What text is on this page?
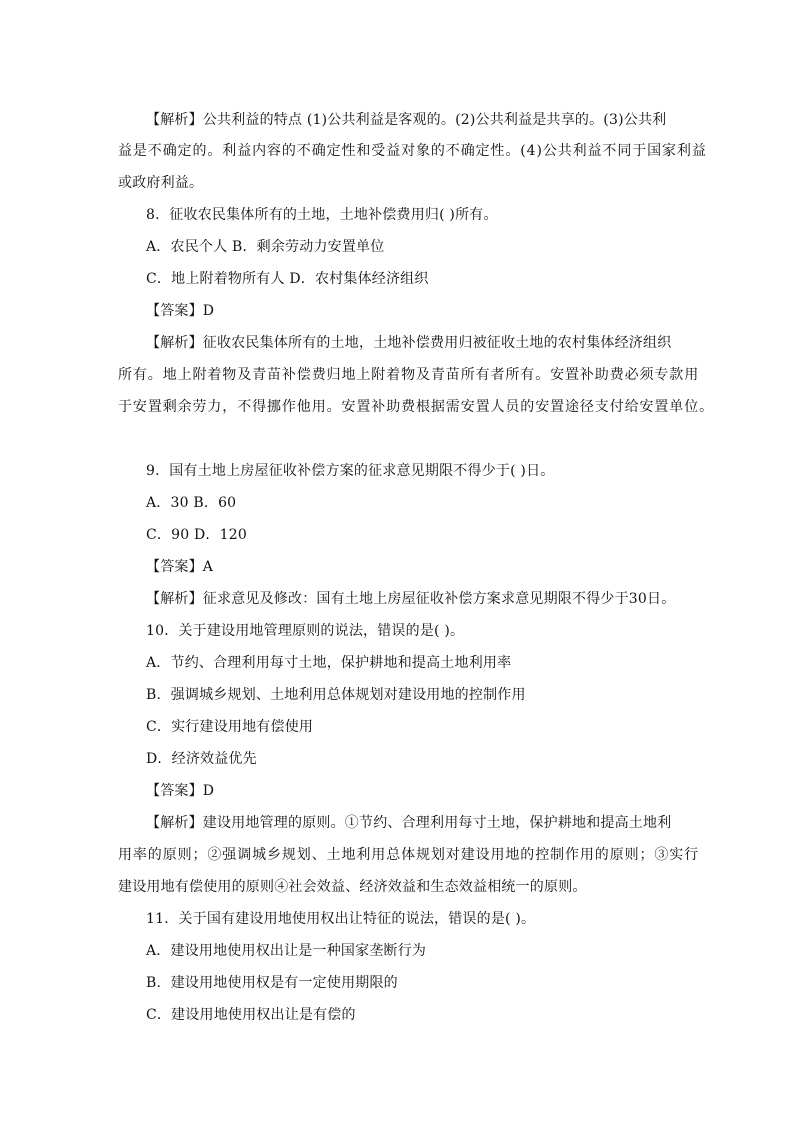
【解析】公共利益的特点 (1)公共利益是客观的。(2)公共利益是共享的。(3)公共利
益是不确定的。利益内容的不确定性和受益对象的不确定性。(4)公共利益不同于国家利益
或政府利益。
8．征收农民集体所有的土地，土地补偿费用归( )所有。
A．农民个人 B．剩余劳动力安置单位
C．地上附着物所有人 D．农村集体经济组织
【答案】D
【解析】征收农民集体所有的土地，土地补偿费用归被征收土地的农村集体经济组织
所有。地上附着物及青苗补偿费归地上附着物及青苗所有者所有。安置补助费必须专款用
于安置剩余劳力，不得挪作他用。安置补助费根据需安置人员的安置途径支付给安置单位。
9．国有土地上房屋征收补偿方案的征求意见期限不得少于( )日。
A．30 B．60
C．90 D．120
【答案】A
【解析】征求意见及修改：国有土地上房屋征收补偿方案求意见期限不得少于30日。
10．关于建设用地管理原则的说法，错误的是( )。
A．节约、合理利用每寸土地，保护耕地和提高土地利用率
B．强调城乡规划、土地利用总体规划对建设用地的控制作用
C．实行建设用地有偿使用
D．经济效益优先
【答案】D
【解析】建设用地管理的原则。①节约、合理利用每寸土地，保护耕地和提高土地利
用率的原则；②强调城乡规划、土地利用总体规划对建设用地的控制作用的原则；③实行
建设用地有偿使用的原则④社会效益、经济效益和生态效益相统一的原则。
11．关于国有建设用地使用权出让特征的说法，错误的是( )。
A．建设用地使用权出让是一种国家垄断行为
B．建设用地使用权是有一定使用期限的
C．建设用地使用权出让是有偿的
